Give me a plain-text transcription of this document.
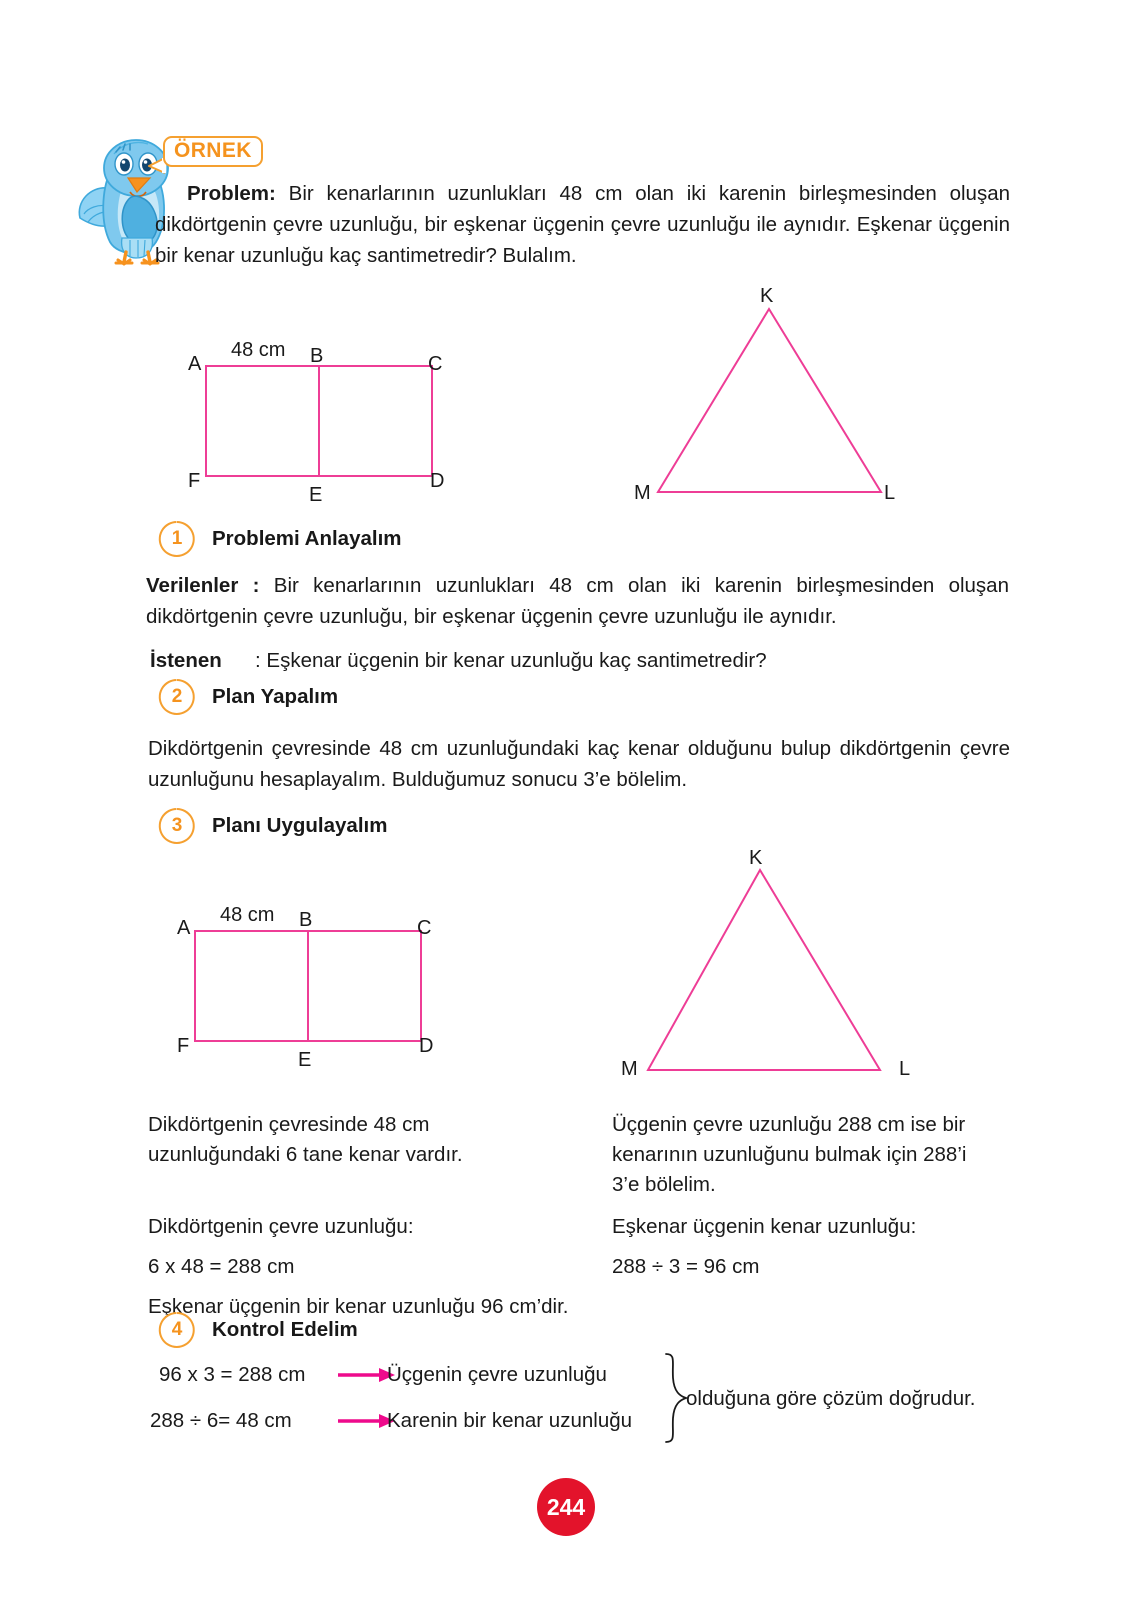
ÖRNEK
Problem: Bir kenarlarının uzunlukları 48 cm olan iki karenin birleşmesinden oluşan dikdörtgenin çevre uzunluğu, bir eşkenar üçgenin çevre uzunluğu ile aynıdır. Eşkenar üçgenin bir kenar uzunluğu kaç santimetredir? Bulalım.
A	B	C
D
E
F
48 cm
K
M	L
1	Problemi Anlayalım
Verilenler : Bir kenarlarının uzunlukları 48 cm olan iki karenin birleşmesinden oluşan dikdörtgenin çevre uzunluğu, bir eşkenar üçgenin çevre uzunluğu ile aynıdır.
İstenen : Eşkenar üçgenin bir kenar uzunluğu kaç santimetredir?
2	Plan Yapalım
Dikdörtgenin çevresinde 48 cm uzunluğundaki kaç kenar olduğunu bulup dikdörtgenin çevre uzunluğunu hesaplayalım. Bulduğumuz sonucu 3’e bölelim.
3	Planı Uygulayalım
A	B	C
D
E
F
48 cm
K
M	L
Dikdörtgenin çevresinde 48 cm uzunluğundaki 6 tane kenar vardır.
Üçgenin çevre uzunluğu 288 cm ise bir kenarının uzunluğunu bulmak için 288’i 3’e bölelim.
Dikdörtgenin çevre uzunluğu:	Eşkenar üçgenin kenar uzunluğu:
6 x 48 = 288 cm	288 ÷ 3 = 96 cm
Eşkenar üçgenin bir kenar uzunluğu 96 cm’dir.
4	Kontrol Edelim
96 x 3 = 288 cm	Üçgenin çevre uzunluğu
288 ÷ 6= 48 cm	Karenin bir kenar uzunluğu
olduğuna göre çözüm doğrudur.
244
